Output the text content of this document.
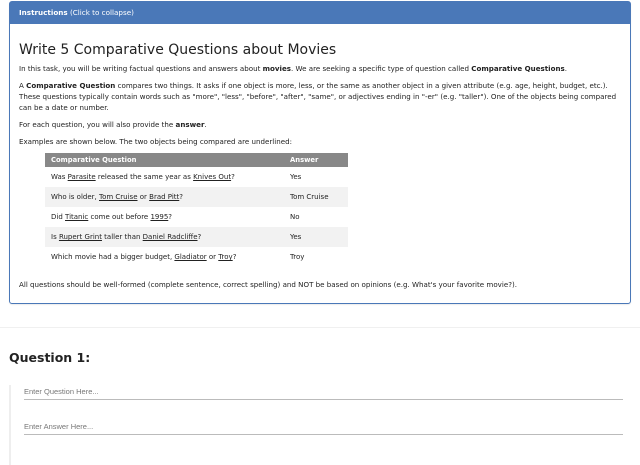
Instructions (Click to collapse)
Write 5 Comparative Questions about Movies

In this task, you will be writing factual questions and answers about movies. We are seeking a specific type of question called Comparative Questions.

A Comparative Question compares two things. It asks if one object is more, less, or the same as another object in a given attribute (e.g. age, height, budget, etc.). These questions typically contain words such as "more", "less", "before", "after", "same", or adjectives ending in "-er" (e.g. "taller"). One of the objects being compared can be a date or number.

For each question, you will also provide the answer.

Examples are shown below. The two objects being compared are underlined:

Comparative Question	Answer
Was Parasite released the same year as Knives Out?	Yes
Who is older, Tom Cruise or Brad Pitt?	Tom Cruise
Did Titanic come out before 1995?	No
Is Rupert Grint taller than Daniel Radcliffe?	Yes
Which movie had a bigger budget, Gladiator or Troy?	Troy

All questions should be well-formed (complete sentence, correct spelling) and NOT be based on opinions (e.g. What's your favorite movie?).

Question 1:
Enter Question Here...
Enter Answer Here...
